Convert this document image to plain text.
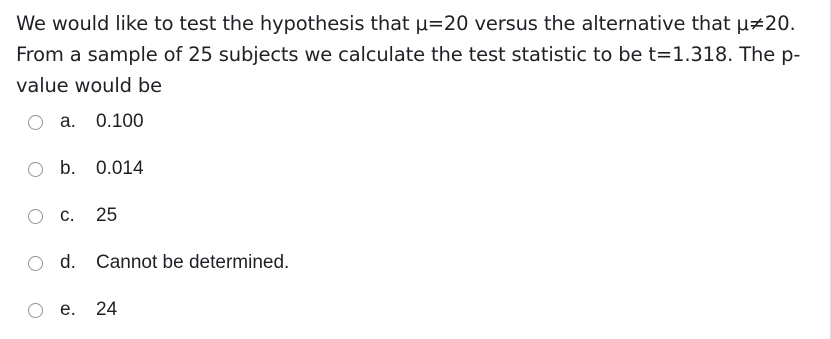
We would like to test the hypothesis that μ=20 versus the alternative that μ≠20. From a sample of 25 subjects we calculate the test statistic to be t=1.318. The p-value would be
a. 0.100
b. 0.014
c. 25
d. Cannot be determined.
e. 24
